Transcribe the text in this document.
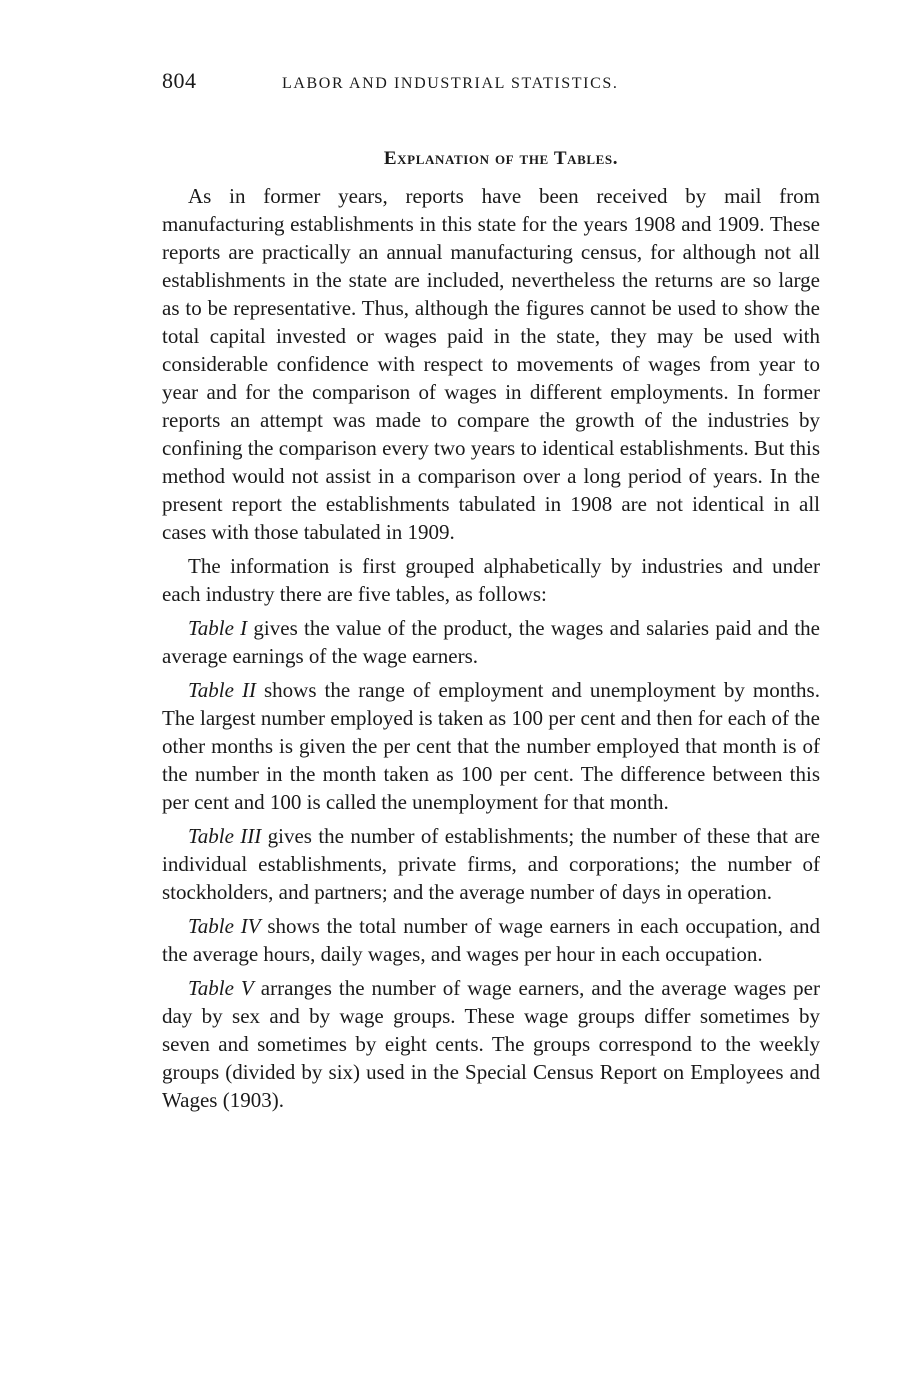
804	LABOR AND INDUSTRIAL STATISTICS.
Explanation of the Tables.

As in former years, reports have been received by mail from manufacturing establishments in this state for the years 1908 and 1909. These reports are practically an annual manufacturing census, for although not all establishments in the state are included, nevertheless the returns are so large as to be representative. Thus, although the figures cannot be used to show the total capital invested or wages paid in the state, they may be used with considerable confidence with respect to movements of wages from year to year and for the comparison of wages in different employments. In former reports an attempt was made to compare the growth of the industries by confining the comparison every two years to identical establishments. But this method would not assist in a comparison over a long period of years. In the present report the establishments tabulated in 1908 are not identical in all cases with those tabulated in 1909.

The information is first grouped alphabetically by industries and under each industry there are five tables, as follows:

Table I gives the value of the product, the wages and salaries paid and the average earnings of the wage earners.

Table II shows the range of employment and unemployment by months. The largest number employed is taken as 100 per cent and then for each of the other months is given the per cent that the number employed that month is of the number in the month taken as 100 per cent. The difference between this per cent and 100 is called the unemployment for that month.

Table III gives the number of establishments; the number of these that are individual establishments, private firms, and corporations; the number of stockholders, and partners; and the average number of days in operation.

Table IV shows the total number of wage earners in each occupation, and the average hours, daily wages, and wages per hour in each occupation.

Table V arranges the number of wage earners, and the average wages per day by sex and by wage groups. These wage groups differ sometimes by seven and sometimes by eight cents. The groups correspond to the weekly groups (divided by six) used in the Special Census Report on Employees and Wages (1903).
